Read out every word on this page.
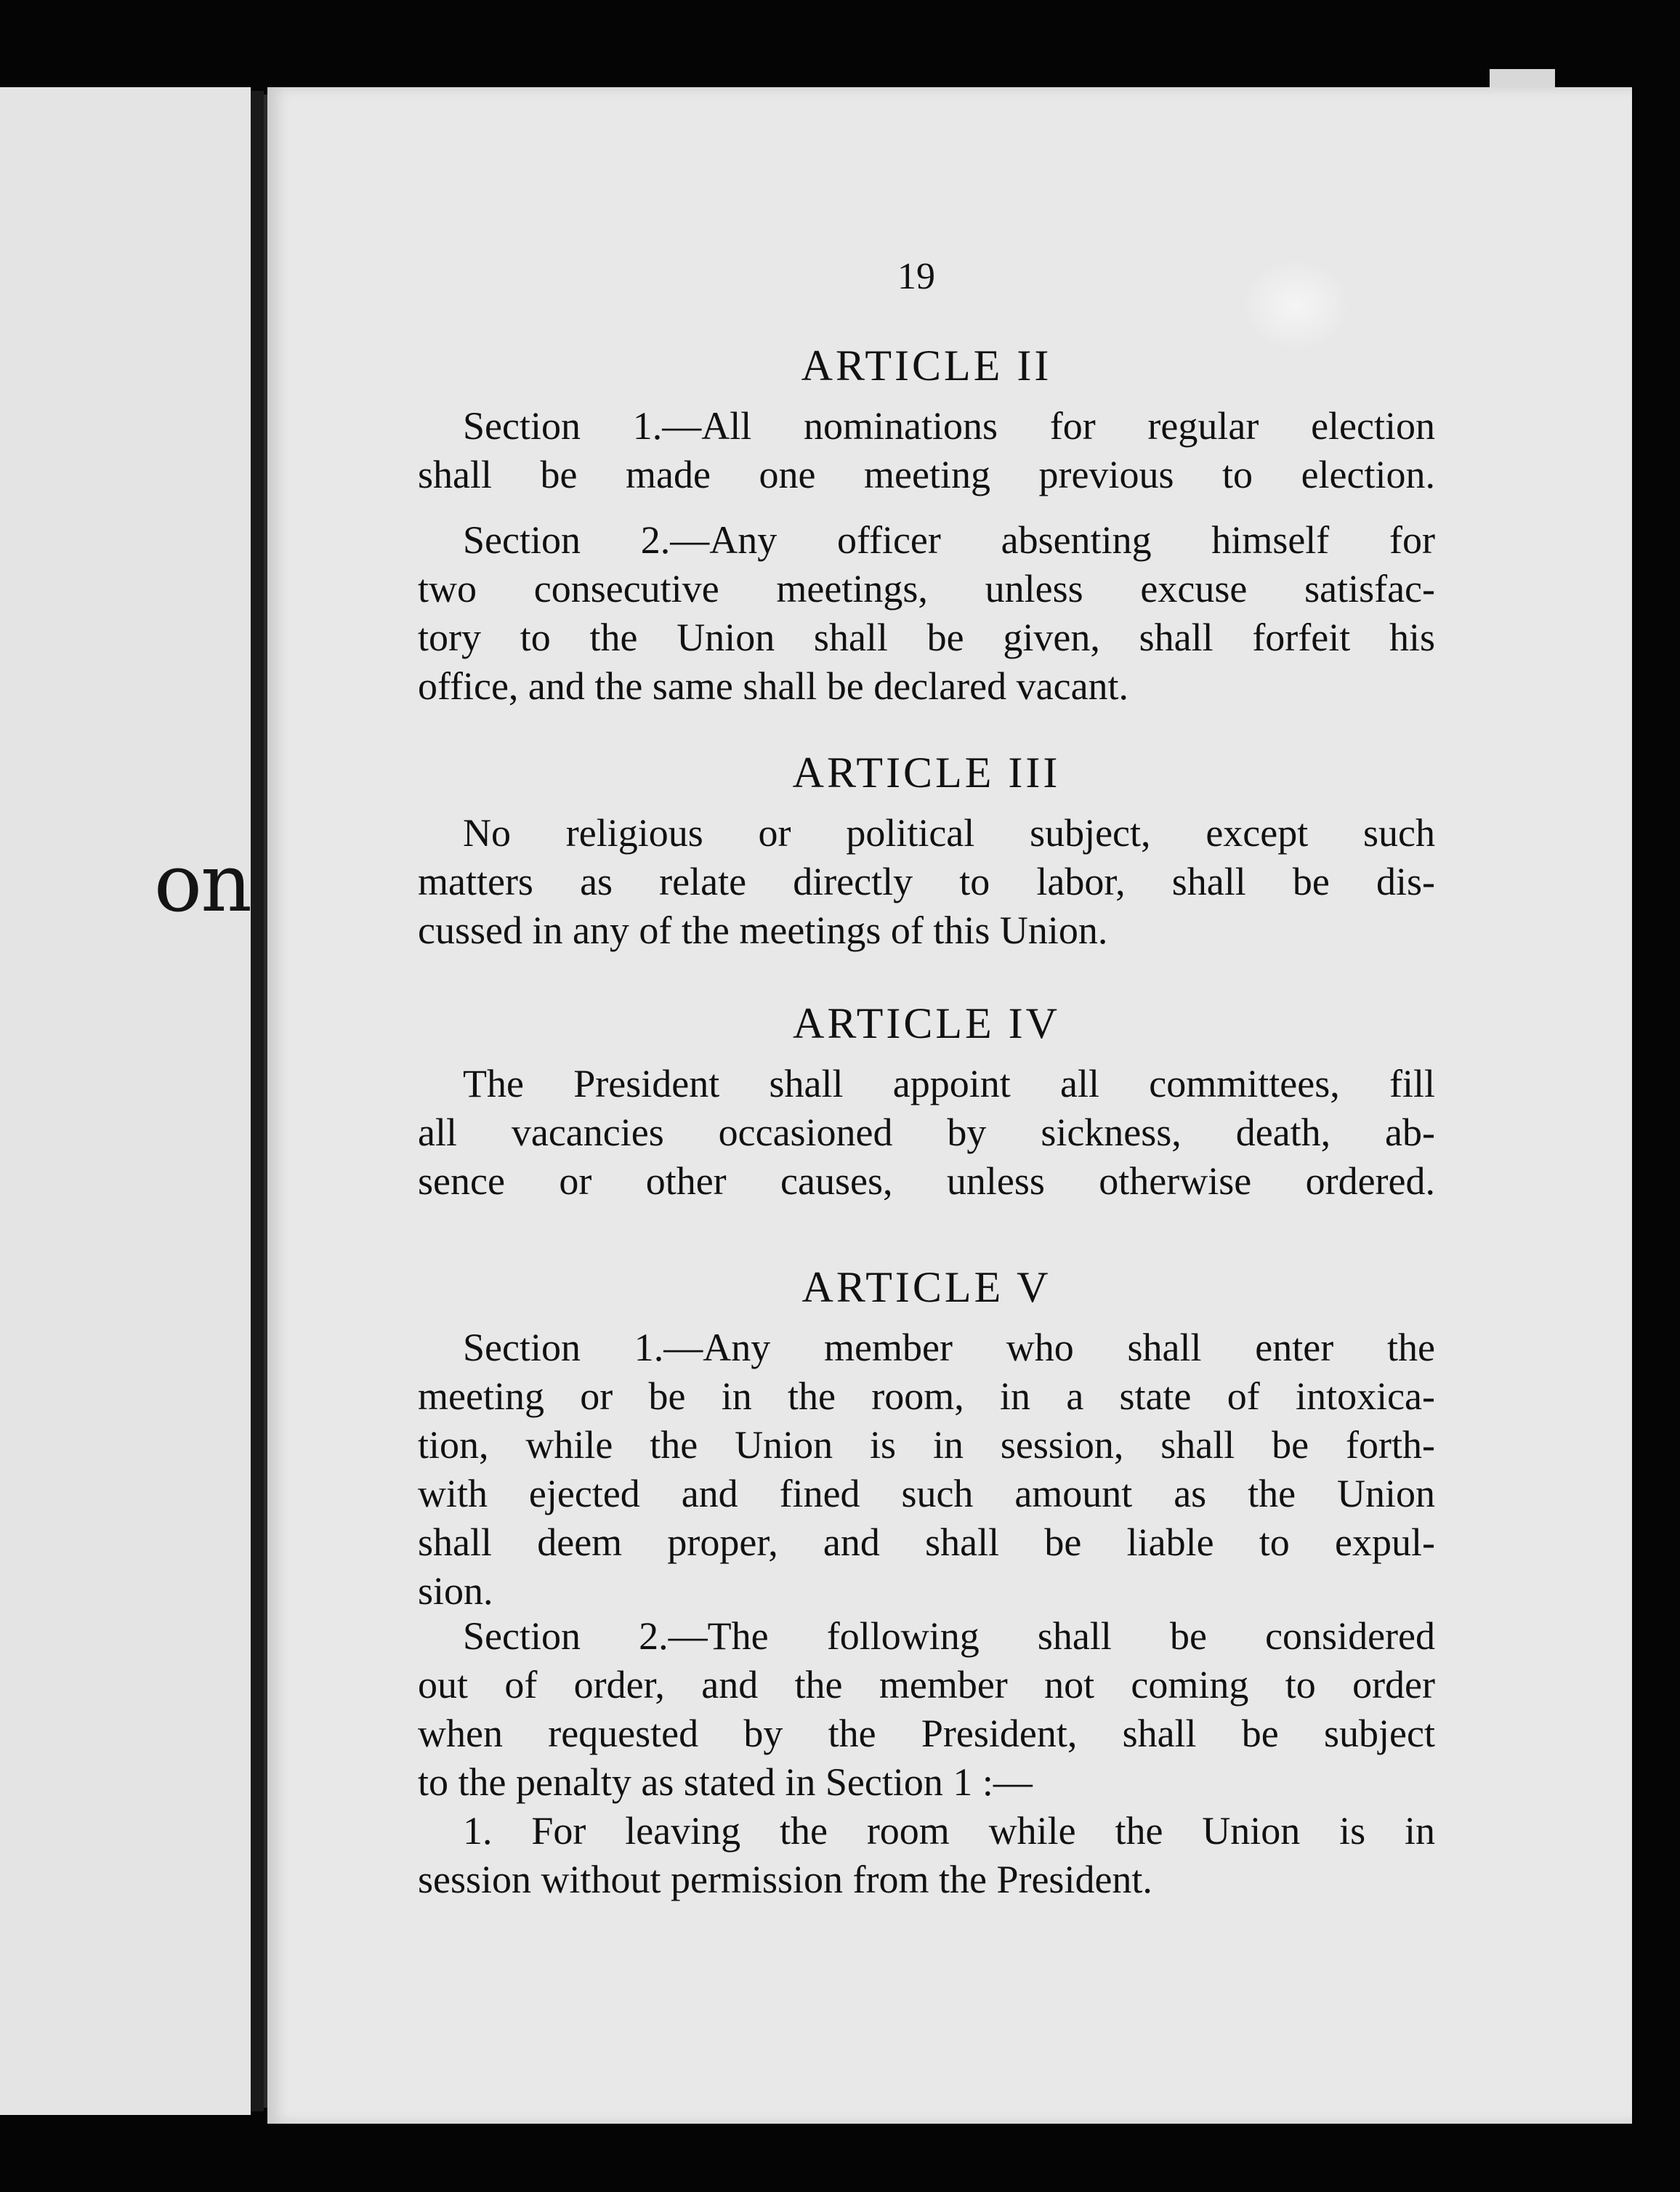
on
19
ARTICLE II
Section 1.—All nominations for regular election
shall be made one meeting previous to election.
Section 2.—Any officer absenting himself for
two consecutive meetings, unless excuse satisfac-
tory to the Union shall be given, shall forfeit his
office, and the same shall be declared vacant.
ARTICLE III
No religious or political subject, except such
matters as relate directly to labor, shall be dis-
cussed in any of the meetings of this Union.
ARTICLE IV
The President shall appoint all committees, fill
all vacancies occasioned by sickness, death, ab-
sence or other causes, unless otherwise ordered.
ARTICLE V
Section 1.—Any member who shall enter the
meeting or be in the room, in a state of intoxica-
tion, while the Union is in session, shall be forth-
with ejected and fined such amount as the Union
shall deem proper, and shall be liable to expul-
sion.
Section 2.—The following shall be considered
out of order, and the member not coming to order
when requested by the President, shall be subject
to the penalty as stated in Section 1 :—
1. For leaving the room while the Union is in
session without permission from the President.
